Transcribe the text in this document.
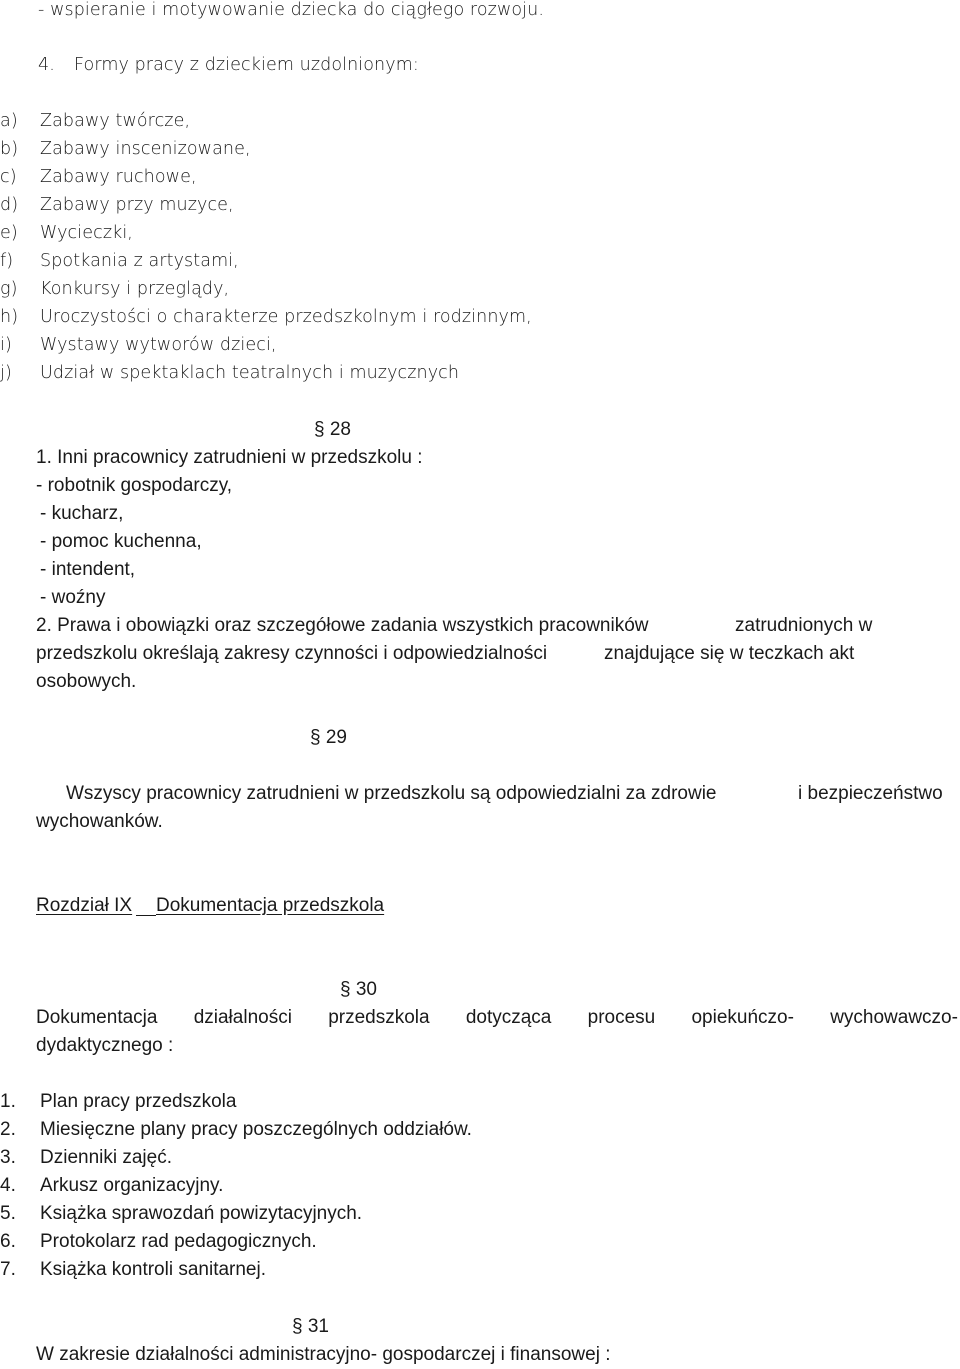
- wspieranie i motywowanie dziecka do ciągłego rozwoju.
4. Formy pracy z dzieckiem uzdolnionym:
a) Zabawy twórcze,
b) Zabawy inscenizowane,
c) Zabawy ruchowe,
d) Zabawy przy muzyce,
e) Wycieczki,
f) Spotkania z artystami,
g) Konkursy i przeglądy,
h) Uroczystości o charakterze przedszkolnym i rodzinnym,
i) Wystawy wytworów dzieci,
j) Udział w spektaklach teatralnych i muzycznych
§ 28
1. Inni pracownicy zatrudnieni w przedszkolu :
- robotnik gospodarczy,
- kucharz,
- pomoc kuchenna,
- intendent,
- woźny
2. Prawa i obowiązki oraz szczegółowe zadania wszystkich pracowników	zatrudnionych w
przedszkolu określają zakresy czynności i odpowiedzialności	znajdujące się w teczkach akt
osobowych.
§ 29
Wszyscy pracownicy zatrudnieni w przedszkolu są odpowiedzialni za zdrowie	i bezpieczeństwo
wychowanków.
Rozdział IX Dokumentacja przedszkola
§ 30
Dokumentacja działalności przedszkola dotycząca procesu opiekuńczo- wychowawczo-
dydaktycznego :
1. Plan pracy przedszkola
2. Miesięczne plany pracy poszczególnych oddziałów.
3. Dzienniki zajęć.
4. Arkusz organizacyjny.
5. Książka sprawozdań powizytacyjnych.
6. Protokolarz rad pedagogicznych.
7. Książka kontroli sanitarnej.
§ 31
W zakresie działalności administracyjno- gospodarczej i finansowej :
